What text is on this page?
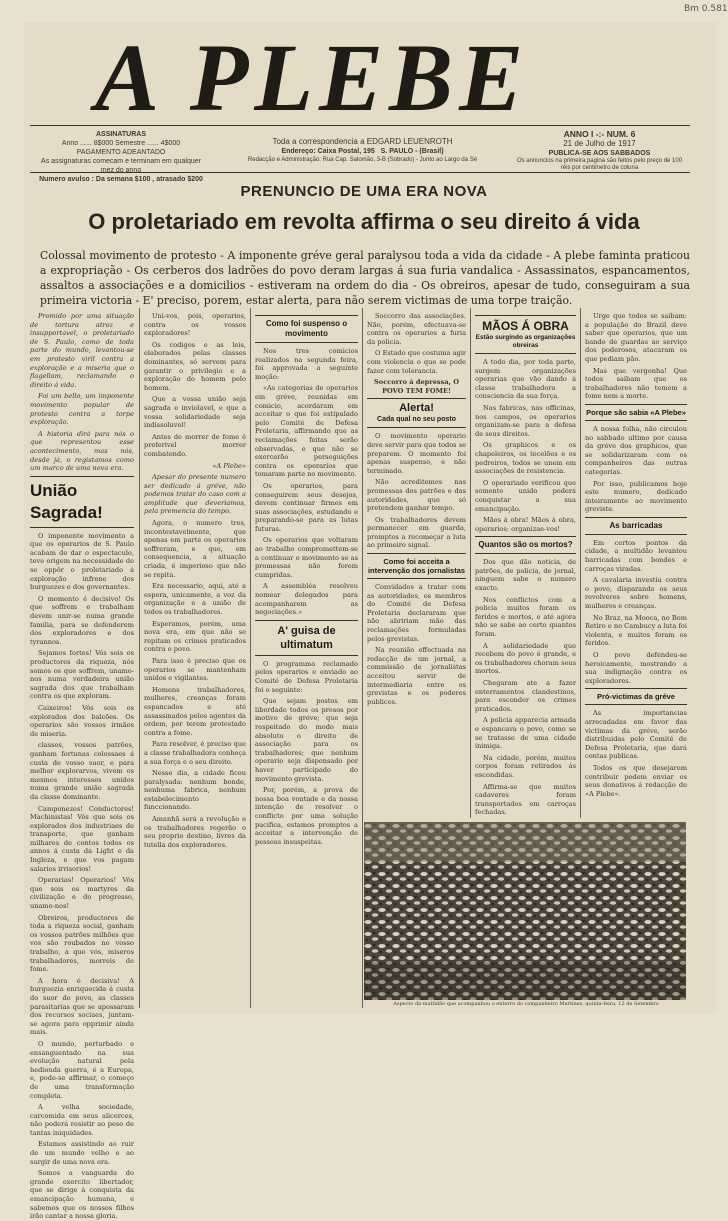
Bm 0.581
A PLEBE
ASSINATURAS
Anno ...... 8$000 Semestre ...... 4$000
PAGAMENTO ADEANTADO
As assignaturas comecam e terminam em qualquer mez do anno
Numero avulso : Da semana $100 , atrasado $200
Toda a correspondencia a EDGARD LEUENROTH
Endereço: Caixa Postal, 195 S. PAULO - (Brasil)
Redacção e Administração: Rua Cap. Salomão, 3-B (Sobrado) - Junto ao Largo da Sé
ANNO I -:- NUM. 6
21 de Julho de 1917
PUBLICA-SE AOS SABBADOS
Os annuncios na primeira pagina são feitos pelo preço de 100 réis por centimetro de coluna
PRENUNCIO DE UMA ERA NOVA
O proletariado em revolta affirma o seu direito á vida
Colossal movimento de protesto - A imponente gréve geral paralysou toda a vida da cidade - A plebe faminta praticou a expropriação - Os cerberos dos ladrões do povo deram largas á sua furia vandalica - Assassinatos, espancamentos, assaltos a associações e a domicilios - estiveram na ordem do dia - Os obreiros, apesar de tudo, conseguiram a sua primeira victoria - E' preciso, porem, estar alerta, para não serem victimas de uma torpe traição.

Promido por uma situação de tortura atroz e insupportavel, o proletariado de S. Paulo, como de toda parte do mundo, levantou-se em protesto viril contra a exploração e a miseria que o flagellam, reclamando o direito á vida.

Foi um bello, um imponente movimento popular de protesto contra a torpe exploração.

A historia dirá para nós o que representou esse acontecimento, mas nós, desde já, o registamos como um marco de uma nova era.

União Sagrada!

O imponente movimento a que os operarios de S. Paulo acabam de dar o espectaculo, teve origem na necessidade de se oppôr o proletariado á exploração infrene dos burguezes e dos governantes.

O momento é decisivo! Os que soffrem e trabalham devem unir-se numa grande familia, para se defenderem dos exploradores e dos tyrannos.

Sejamos fortes! Vós sois os productores da riqueza, nós somos os que soffrem, unamo-nos numa verdadeira união sagrada dos que trabalham contra os que exploram.

Caixeiros! Vós sois os explorados dos balcões. Os operarios são vossos irmãos de miseria.

classes, vossos patrões, ganham fortunas colossaes á custa de vosso suor, e para melhor explorarvos, vivem os mesmos interesses unidos numa grande união sagrada da classe dominante.

Camponezes! Conductores! Machinistas! Vós que sois os explorados dos industriaes de transporte, que ganham milhares de contos todos os annos á custa da Light e da Ingleza, e que vos pagam salarios irrisorios!

Operarias! Operarios! Vós que sois os martyres da civilização e do progresso, unamo-nos!

Obreiros, productores de toda a riqueza social, ganham os vossos patrões milhões que vos são roubados no vosso trabalho, a que vós, miseros trabalhadores, morreis de fome.

A hora é decisiva! A burguezia enriquecida á custa do suor do povo, as classes parasitarias que se apossaram dos recursos sociaes, juntam-se agora para opprimir ainda mais.

O mundo, perturbado e ensanguentado na sua evolução natural pela hedionda guerra, é a Europa, e, pode-se affirmar, o começo de uma transformação completa.

A velha sociedade, carcomida em seus alicerces, não poderá resistir ao peso de tantas iniquidades.

Estamos assistindo ao ruir de um mundo velho e ao surgir de uma nova era.

Somos a vanguarda do grande exercito libertador, que se dirige á conquista da emancipação humana, e sabemos que os nossos filhos irão cantar a nossa gloria.

Uni-vos, pois, operarios, contra os vossos exploradores!

Os codigos e as leis, elaborados pelas classes dominantes, só servem para garantir o privilegio e a exploração do homem pelo homem.

Que a vossa união seja sagrada e inviolavel, e que a vossa solidariedade seja indissoluvel!

Antes de morrer de fome é preferivel morrer combatendo.

«A Plebe»

Apesar do presente numero ser dedicado á gréve, não podemos tratar do caso com a amplitude que deveriamos, pela premencia do tempo.

Agora, o numero tres, incontestavelmente, que apenas em parte os operarios soffreram, e que, em consequencia, a situação criada, é imperioso que não se repita.

Era necessario, aqui, até a espera, unicamente, a voz da organização e a união de todos os trabalhadores.

Esperamos, porém, uma nova era, em que não se repitam os crimes praticados contra o povo.

Para isso é preciso que os operarios se mantenham unidos e vigilantes.

Homens trabalhadores, mulheres, creanças foram espancados e até assassinados pelos agentes da ordem, por terem protestado contra a fome.

Para resolver, é preciso que a classe trabalhadora conheça a sua força e o seu direito.

Nesse dia, a cidade ficou paralysada: nenhum bonde, nenhuma fabrica, nenhum estabelecimento funccionando.

Amanhã será a revolução e os trabalhadores regerão o seu proprio destino, livres da tutella dos exploradores.

Como foi suspenso o movimento

Nos tres comicios realizados na segunda feira, foi approvada a seguinte moção:

«As categorias de operarios em gréve, reunidas em comicio, acordaram em acceitar o que foi estipulado pelo Comité de Defesa Proletaria, affirmando que as reclamações feitas serão observadas, e que não se exercerão perseguições contra os operarios que tomaram parte no movimento.

Os operarios, para conseguirem seus desejos, devem continuar firmes em suas associações, estudando e preparando-se para as lutas futuras.

Os operarios que voltaram ao trabalho compromettem-se a continuar o movimento se as promessas não forem cumpridas.

A assembléa resolveu nomear delegados para acompanharem as negociações.»

A' guisa de ultimatum

O programma reclamado pelos operarios e enviado ao Comité de Defesa Proletaria foi o seguinte:

Que sejam postos em liberdade todos os presos por motivo de gréve; que seja respeitado do modo mais absoluto o direito de associação para os trabalhadores; que nenhum operario seja dispensado por haver participado do movimento grevista.

Por, porém, a prova de nossa boa vontade e da nossa intenção de resolver o conflicto por uma solução pacifica, estamos promptos a acceitar a intervenção de pessoas insuspeitas.

Soccorro das associações. Não, porém, efectuava-se contra os operarios a furia da policia.

O Estado que costuma agir com violencia o que se pode fazer com tolerancia.

Soccorro á depressa, O POVO TEM FOME!

Alerta!
Cada qual no seu posto

O movimento operario deve servir para que todos se preparem. O momento foi apenas suspenso, e não terminado.

Não acreditemos nas promessas dos patrões e das autoridades, que só pretendem ganhar tempo.

Os trabalhadores devem permanecer em guarda, promptos a recomeçar a luta ao primeiro signal.

Como foi acceita a intervenção dos jornalistas

Convidados a tratar com as autoridades, os membros do Comité de Defesa Proletaria declararam que não abririam mão das reclamações formuladas pelos grevistas.

Na reunião effectuada na redacção de um jornal, a commissão de jornalistas acceitou servir de intermediaria entre os grevistas e os poderes publicos.

MÃOS Á OBRA
Estão surgindo as organizações obreiras

A todo dia, por toda parte, surgem organizações operarias que vão dando á classe trabalhadora a consciencia da sua força.

Nas fabricas, nas officinas, nos campos, os operarios organizam-se para a defesa de seus direitos.

Os graphicos e os chapeleiros, os tecelões e os pedreiros, todos se unem em associações de resistencia.

O operariado verificou que somente unido poderá conquistar a sua emancipação.

Mãos á obra! Mãos á obra, operarios: organizae-vos!

Quantos são os mortos?

Dos que dão noticia, de patrões, de policia, de jornal, ninguem sabe o numero exacto.

Nos conflictos com a policia muitos foram os feridos e mortos, e até agora não se sabe ao certo quantos foram.

A solidariedade que recebem do povo é grande, e os trabalhadores choram seus mortos.

Chegaram ate a fazer enterramentos clandestinos, para esconder os crimes praticados.

A policia apparecia armada e espancava o povo, como se se tratasse de uma cidade inimiga.

Na cidade, porém, muitos corpos foram retirados ás escondidas.

Affirma-se que muitos cadaveres foram transportados em carroças fechadas.

Urge que todos se saibam: a população do Brazil deve saber que operarios, que um bando de guardas ao serviço dos poderosos, atacaram os que pediam pão.

Mas que vergonha! Que todos saibam que os trabalhadores não temem a fome nem a morte.

Porque são sabia «A Plebe»

A nossa folha, não circulou no sabbado ultimo por causa da gréve dos graphicos, que se solidarizaram com os companheiros das outras categorias.

Por isso, publicamos hoje este numero, dedicado inteiramente ao movimento grevista.

As barricadas

Em certos pontos da cidade, a multidão levantou barricadas com bondes e carroças viradas.

A cavalaria investiu contra o povo, disparando os seus revolveres sobre homens, mulheres e creanças.

No Braz, na Mooca, no Bom Retiro e no Cambucy a luta foi violenta, e muitos foram os feridos.

O povo defendeu-se heroicamente, mostrando a sua indignação contra os exploradores.

Pró-victimas da gréve

As importancias arrecadadas em favor das victimas da gréve, serão distribuidas pelo Comité de Defesa Proletaria, que dará contas publicas.

Todos os que desejarem contribuir podem enviar os seus donativos á redacção de «A Plebe».

Aspecto da multidão que acompanhou o enterro do companheiro Martinez, quinta-feira, 12 de Setembro
